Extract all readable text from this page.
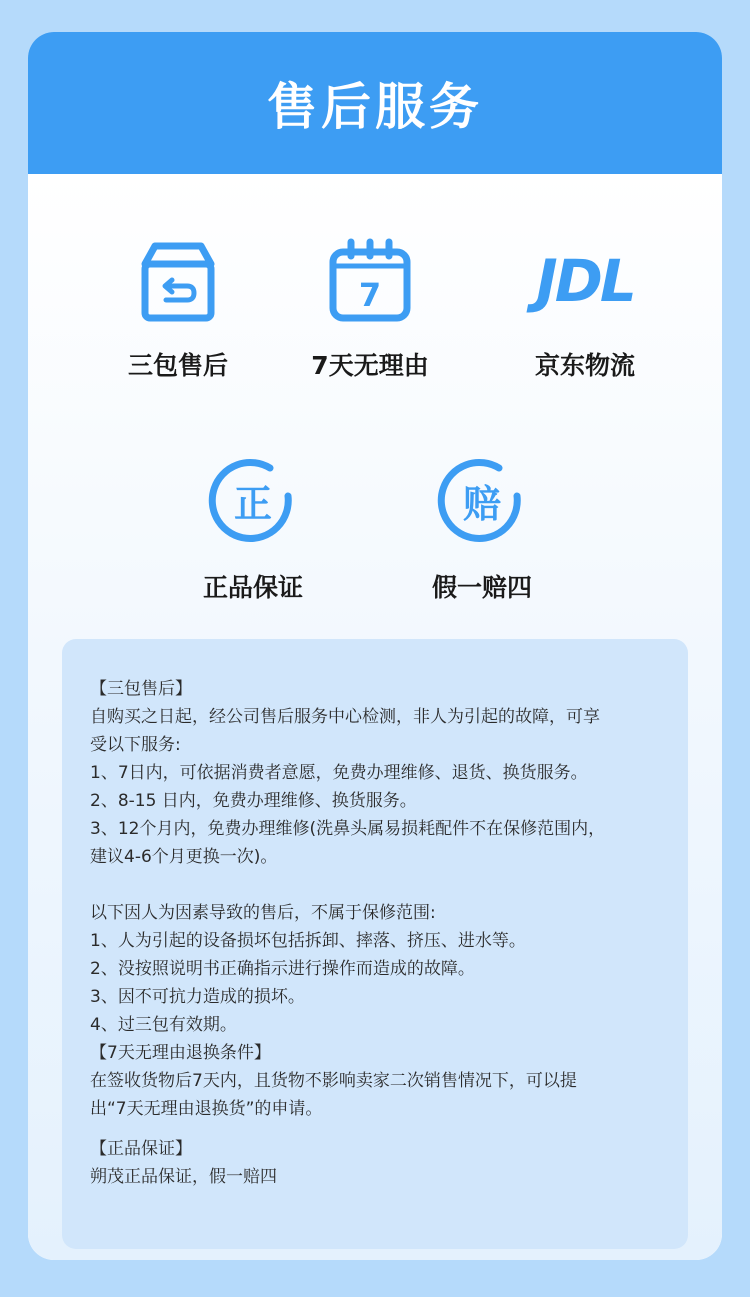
售后服务
三包售后
7
7天无理由
JDL
京东物流
正
正品保证
赔
假一赔四

【三包售后】

自购买之日起，经公司售后服务中心检测，非人为引起的故障，可享

受以下服务:

1、7日内，可依据消费者意愿，免费办理维修、退货、换货服务。

2、8-15 日内，免费办理维修、换货服务。

3、12个月内，免费办理维修(洗鼻头属易损耗配件不在保修范围内，

建议4-6个月更换一次)。

以下因人为因素导致的售后，不属于保修范围:

1、人为引起的设备损坏包括拆卸、摔落、挤压、进水等。

2、没按照说明书正确指示进行操作而造成的故障。

3、因不可抗力造成的损坏。

4、过三包有效期。

【7天无理由退换条件】

在签收货物后7天内，且货物不影响卖家二次销售情况下，可以提

出“7天无理由退换货”的申请。

【正品保证】

朔茂正品保证，假一赔四
